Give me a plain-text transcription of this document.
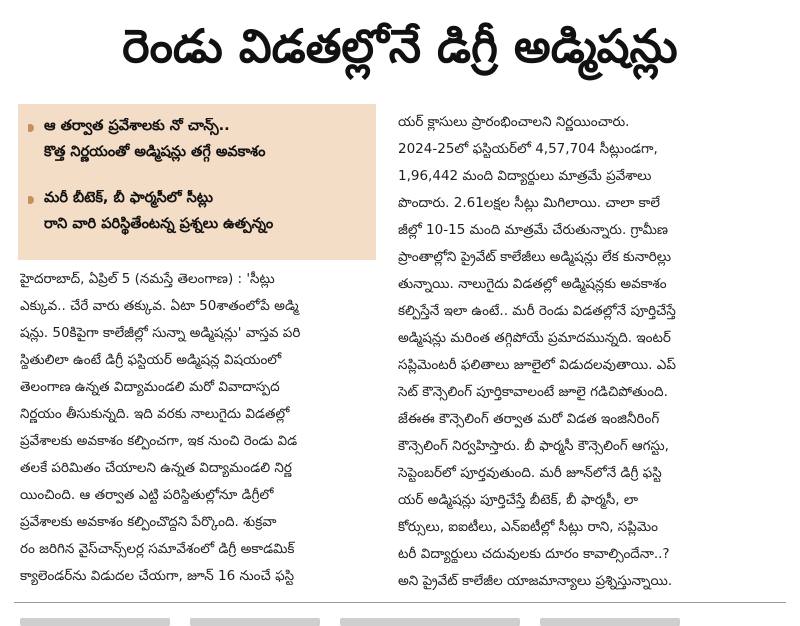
రెండు విడతల్లోనే డిగ్రీ అడ్మిషన్లు
ఆ తర్వాత ప్రవేశాలకు నో చాన్స్..
కొత్త నిర్ణయంతో అడ్మిషన్లు తగ్గే అవకాశం
మరీ బీటెక్, బీ ఫార్మసీలో సీట్లు
రాని వారి పరిస్థితేంటన్న ప్రశ్నలు ఉత్పన్నం
హైదరాబాద్, ఏప్రిల్ 5 (నమస్తే తెలంగాణ) : 'సీట్లు
ఎక్కువ.. చేరే వారు తక్కువ. ఏటా 50శాతంలోపే అడ్మి
షన్లు. 50కిపైగా కాలేజీల్లో సున్నా అడ్మిషన్లు' వాస్తవ పరి
స్థితులిలా ఉంటే డిగ్రీ ఫస్టియర్ అడ్మిషన్ల విషయంలో
తెలంగాణ ఉన్నత విద్యామండలి మరో వివాదాస్పద
నిర్ణయం తీసుకున్నది. ఇది వరకు నాలుగైదు విడతల్లో
ప్రవేశాలకు అవకాశం కల్పించగా, ఇక నుంచి రెండు విడ
తలకే పరిమితం చేయాలని ఉన్నత విద్యామండలి నిర్ణ
యించింది. ఆ తర్వాత ఎట్టి పరిస్థితుల్లోనూ డిగ్రీలో
ప్రవేశాలకు అవకాశం కల్పించొద్దని పేర్కొంది. శుక్రవా
రం జరిగిన వైస్‌చాన్స్‌లర్ల సమావేశంలో డిగ్రీ అకాడమిక్
క్యాలెండర్‌ను విడుదల చేయగా, జూన్ 16 నుంచే ఫస్టి
యర్ క్లాసులు ప్రారంభించాలని నిర్ణయించారు.
2024-25లో ఫస్టియర్‌లో 4,57,704 సీట్లుండగా,
1,96,442 మంది విద్యార్థులు మాత్రమే ప్రవేశాలు
పొందారు. 2.61లక్షల సీట్లు మిగిలాయి. చాలా కాలే
జీల్లో 10-15 మంది మాత్రమే చేరుతున్నారు. గ్రామీణ
ప్రాంతాల్లోని ప్రైవేట్ కాలేజీలు అడ్మిషన్లు లేక కునారిల్లు
తున్నాయి. నాలుగైదు విడతల్లో అడ్మిషన్లకు అవకాశం
కల్పిస్తేనే ఇలా ఉంటే.. మరీ రెండు విడతల్లోనే పూర్తిచేస్తే
అడ్మిషన్లు మరింత తగ్గిపోయే ప్రమాదమున్నది. ఇంటర్
సప్లిమెంటరీ ఫలితాలు జూలైలో విడుదలవుతాయి. ఎప్
సెట్ కౌన్సెలింగ్ పూర్తికావాలంటే జూలై గడిచిపోతుంది.
జేఈఈ కౌన్సెలింగ్ తర్వాత మరో విడత ఇంజినీరింగ్
కౌన్సెలింగ్ నిర్వహిస్తారు. బీ ఫార్మసీ కౌన్సెలింగ్ ఆగస్టు,
సెప్టెంబర్‌లో పూర్తవుతుంది. మరీ జూన్‌లోనే డిగ్రీ ఫస్టి
యర్ అడ్మిషన్లు పూర్తిచేస్తే బీటెక్, బీ ఫార్మసీ, లా
కోర్సులు, ఐఐటీలు, ఎన్ఐటీల్లో సీట్లు రాని, సప్లిమెం
టరీ విద్యార్థులు చదువులకు దూరం కావాల్సిందేనా..?
అని ప్రైవేట్ కాలేజీల యాజమాన్యాలు ప్రశ్నిస్తున్నాయి.
